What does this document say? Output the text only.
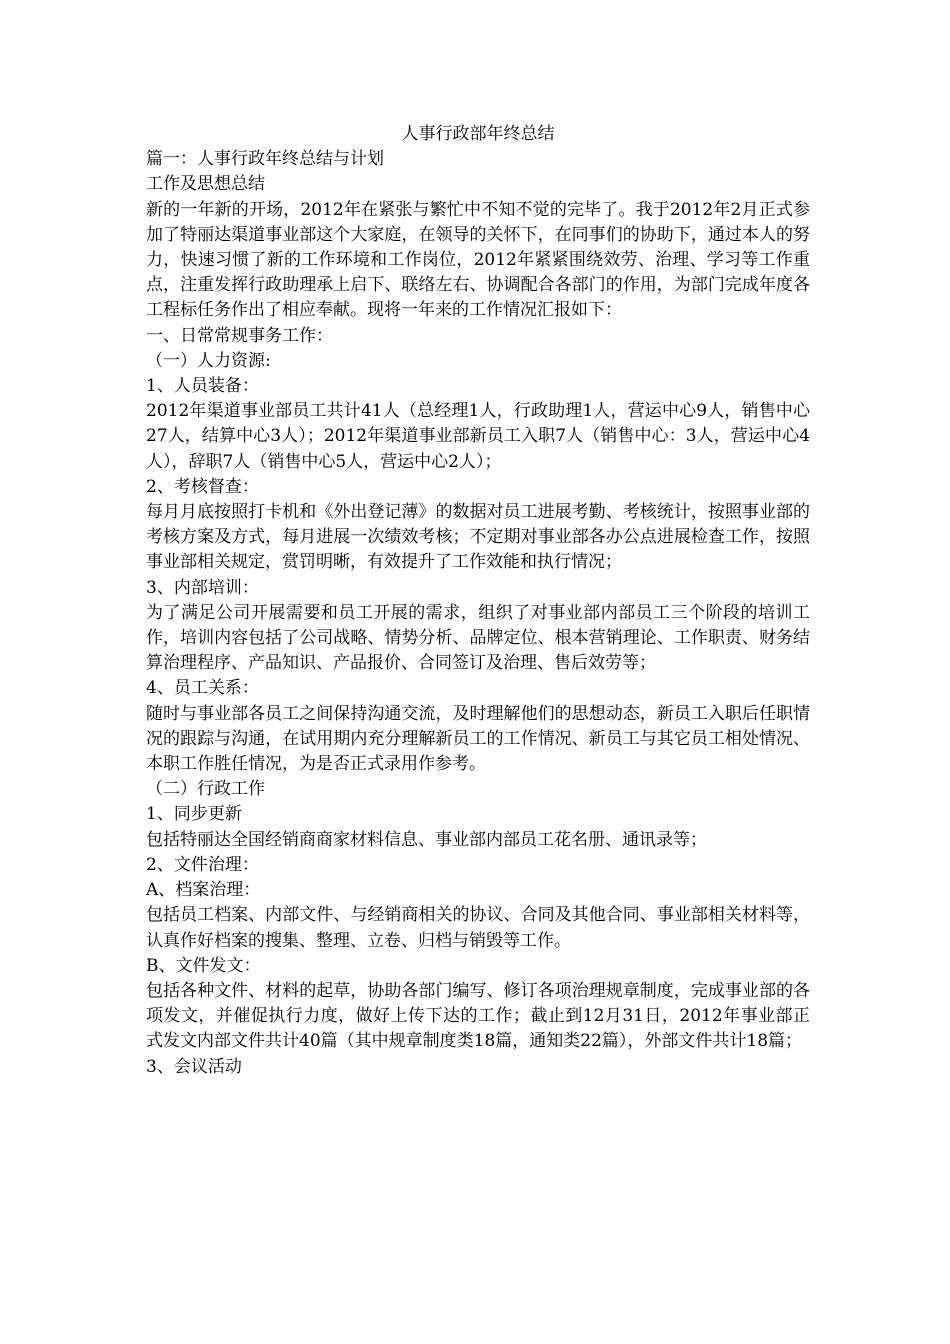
人事行政部年终总结

篇一：人事行政年终总结与计划

工作及思想总结

新的一年新的开场，2012年在紧张与繁忙中不知不觉的完毕了。我于2012年2月正式参加了特丽达渠道事业部这个大家庭，在领导的关怀下，在同事们的协助下，通过本人的努力，快速习惯了新的工作环境和工作岗位，2012年紧紧围绕效劳、治理、学习等工作重点，注重发挥行政助理承上启下、联络左右、协调配合各部门的作用，为部门完成年度各工程标任务作出了相应奉献。现将一年来的工作情况汇报如下：

一、日常常规事务工作：

（一）人力资源:

1、人员装备：

2012年渠道事业部员工共计41人（总经理1人，行政助理1人，营运中心9人，销售中心27人，结算中心3人）；2012年渠道事业部新员工入职7人（销售中心：3人，营运中心4人），辞职7人（销售中心5人，营运中心2人）；

2、考核督查：

每月月底按照打卡机和《外出登记薄》的数据对员工进展考勤、考核统计，按照事业部的考核方案及方式，每月进展一次绩效考核；不定期对事业部各办公点进展检查工作，按照事业部相关规定，赏罚明晰，有效提升了工作效能和执行情况；

3、内部培训：

为了满足公司开展需要和员工开展的需求，组织了对事业部内部员工三个阶段的培训工作，培训内容包括了公司战略、情势分析、品牌定位、根本营销理论、工作职责、财务结算治理程序、产品知识、产品报价、合同签订及治理、售后效劳等；

4、员工关系：

随时与事业部各员工之间保持沟通交流，及时理解他们的思想动态，新员工入职后任职情况的跟踪与沟通，在试用期内充分理解新员工的工作情况、新员工与其它员工相处情况、本职工作胜任情况，为是否正式录用作参考。

（二）行政工作

1、同步更新

包括特丽达全国经销商商家材料信息、事业部内部员工花名册、通讯录等；

2、文件治理：

A、档案治理：

包括员工档案、内部文件、与经销商相关的协议、合同及其他合同、事业部相关材料等，认真作好档案的搜集、整理、立卷、归档与销毁等工作。

B、文件发文：

包括各种文件、材料的起草，协助各部门编写、修订各项治理规章制度，完成事业部的各项发文，并催促执行力度，做好上传下达的工作；截止到12月31日，2012年事业部正式发文内部文件共计40篇（其中规章制度类18篇，通知类22篇），外部文件共计18篇；

3、会议活动
